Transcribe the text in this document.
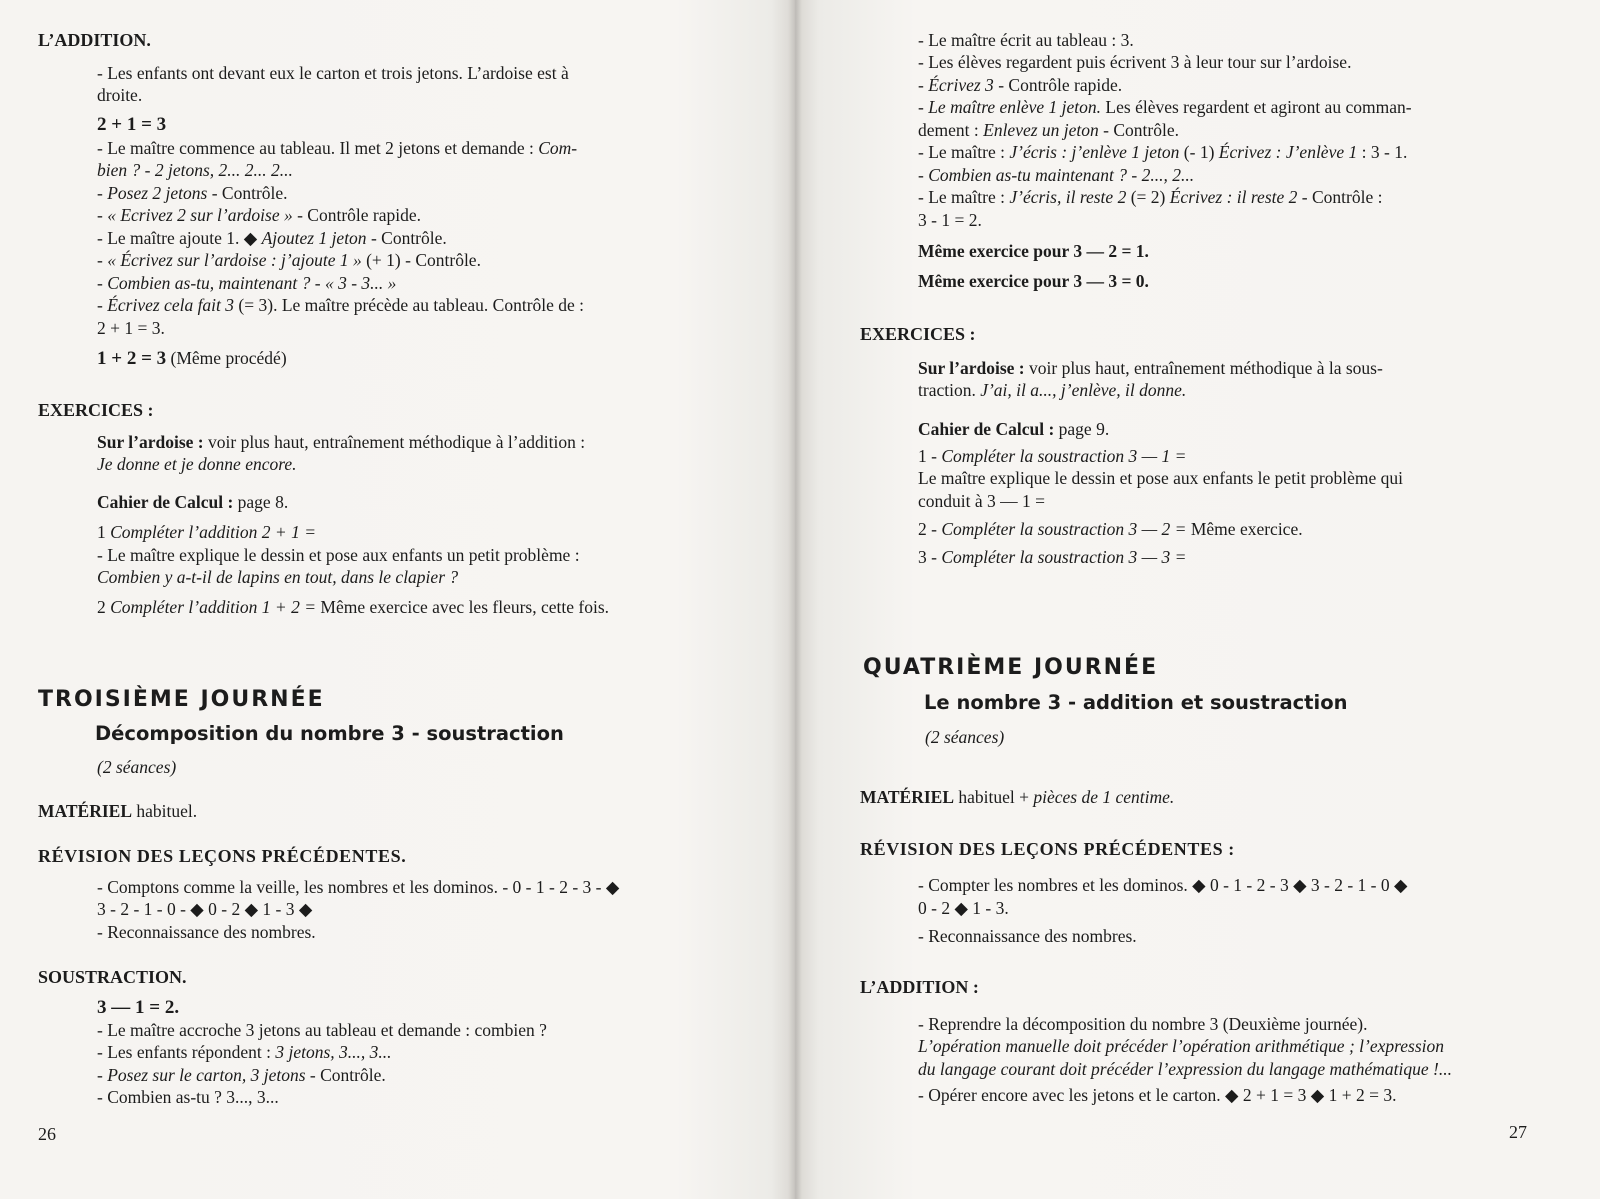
L’ADDITION.
- Les enfants ont devant eux le carton et trois jetons. L’ardoise est à
droite.
2 + 1 = 3
- Le maître commence au tableau. Il met 2 jetons et demande : Com-
bien ? - 2 jetons, 2... 2... 2...
- Posez 2 jetons - Contrôle.
- « Ecrivez 2 sur l’ardoise » - Contrôle rapide.
- Le maître ajoute 1. ◆ Ajoutez 1 jeton - Contrôle.
- « Écrivez sur l’ardoise : j’ajoute 1 » (+ 1) - Contrôle.
- Combien as-tu, maintenant ? - « 3 - 3... »
- Écrivez cela fait 3 (= 3). Le maître précède au tableau. Contrôle de :
2 + 1 = 3.
1 + 2 = 3 (Même procédé)
EXERCICES :
Sur l’ardoise : voir plus haut, entraînement méthodique à l’addition :
Je donne et je donne encore.
Cahier de Calcul : page 8.
1 Compléter l’addition 2 + 1 =
- Le maître explique le dessin et pose aux enfants un petit problème :
Combien y a-t-il de lapins en tout, dans le clapier ?
2 Compléter l’addition 1 + 2 = Même exercice avec les fleurs, cette fois.
TROISIÈME JOURNÉE
Décomposition du nombre 3 - soustraction
(2 séances)
MATÉRIEL habituel.
RÉVISION DES LEÇONS PRÉCÉDENTES.
- Comptons comme la veille, les nombres et les dominos. - 0 - 1 - 2 - 3 - ◆
3 - 2 - 1 - 0 - ◆ 0 - 2 ◆ 1 - 3 ◆
- Reconnaissance des nombres.
SOUSTRACTION.
3 — 1 = 2.
- Le maître accroche 3 jetons au tableau et demande : combien ?
- Les enfants répondent : 3 jetons, 3..., 3...
- Posez sur le carton, 3 jetons - Contrôle.
- Combien as-tu ? 3..., 3...
26
- Le maître écrit au tableau : 3.
- Les élèves regardent puis écrivent 3 à leur tour sur l’ardoise.
- Écrivez 3 - Contrôle rapide.
- Le maître enlève 1 jeton. Les élèves regardent et agiront au comman-
dement : Enlevez un jeton - Contrôle.
- Le maître : J’écris : j’enlève 1 jeton (- 1) Écrivez : J’enlève 1 : 3 - 1.
- Combien as-tu maintenant ? - 2..., 2...
- Le maître : J’écris, il reste 2 (= 2) Écrivez : il reste 2 - Contrôle :
3 - 1 = 2.
Même exercice pour 3 — 2 = 1.
Même exercice pour 3 — 3 = 0.
EXERCICES :
Sur l’ardoise : voir plus haut, entraînement méthodique à la sous-
traction. J’ai, il a..., j’enlève, il donne.
Cahier de Calcul : page 9.
1 - Compléter la soustraction 3 — 1 =
Le maître explique le dessin et pose aux enfants le petit problème qui
conduit à 3 — 1 =
2 - Compléter la soustraction 3 — 2 = Même exercice.
3 - Compléter la soustraction 3 — 3 =
QUATRIÈME JOURNÉE
Le nombre 3 - addition et soustraction
(2 séances)
MATÉRIEL habituel + pièces de 1 centime.
RÉVISION DES LEÇONS PRÉCÉDENTES :
- Compter les nombres et les dominos. ◆ 0 - 1 - 2 - 3 ◆ 3 - 2 - 1 - 0 ◆
0 - 2 ◆ 1 - 3.
- Reconnaissance des nombres.
L’ADDITION :
- Reprendre la décomposition du nombre 3 (Deuxième journée).
L’opération manuelle doit précéder l’opération arithmétique ; l’expression
du langage courant doit précéder l’expression du langage mathématique !...
- Opérer encore avec les jetons et le carton. ◆ 2 + 1 = 3 ◆ 1 + 2 = 3.
27
